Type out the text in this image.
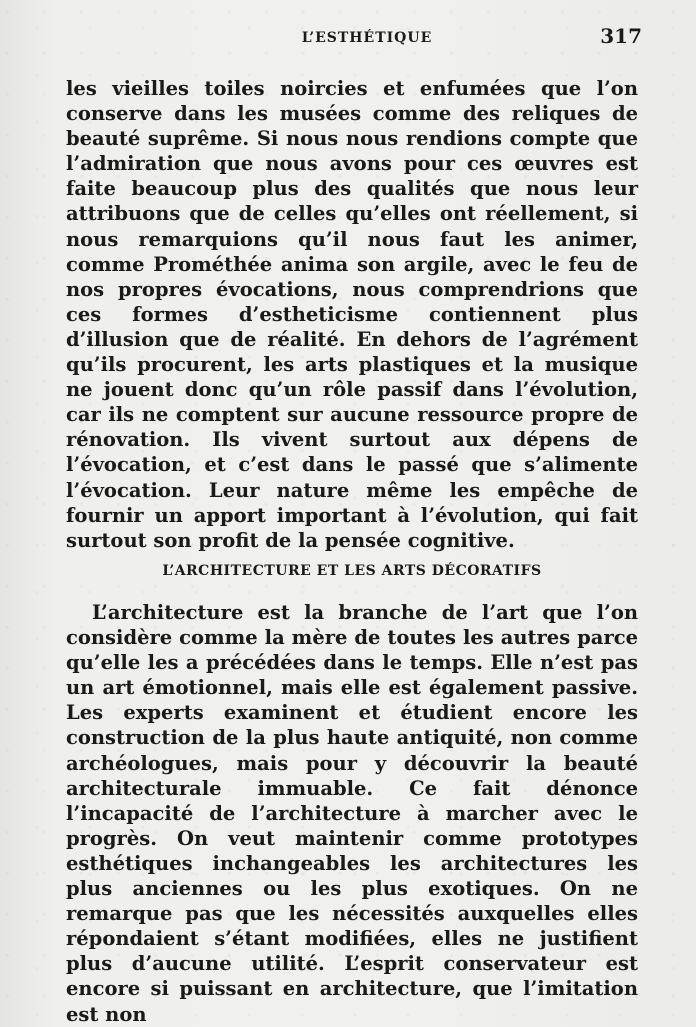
L’ESTHÉTIQUE	317

les vieilles toiles noircies et enfumées que l’on conserve dans les musées comme des reliques de beauté suprême. Si nous nous rendions compte que l’admiration que nous avons pour ces œuvres est faite beaucoup plus des qualités que nous leur attribuons que de celles qu’elles ont réellement, si nous remarquions qu’il nous faut les animer, comme Prométhée anima son argile, avec le feu de nos propres évocations, nous comprendrions que ces formes d’estheticisme contiennent plus d’illusion que de réalité. En dehors de l’agrément qu’ils procurent, les arts plastiques et la musique ne jouent donc qu’un rôle passif dans l’évolution, car ils ne comptent sur aucune ressource propre de rénovation. Ils vivent surtout aux dépens de l’évocation, et c’est dans le passé que s’alimente l’évocation. Leur nature même les empêche de fournir un apport important à l’évolution, qui fait surtout son profit de la pensée cognitive.

L’ARCHITECTURE ET LES ARTS DÉCORATIFS

L’architecture est la branche de l’art que l’on considère comme la mère de toutes les autres parce qu’elle les a précédées dans le temps. Elle n’est pas un art émotionnel, mais elle est également passive. Les experts examinent et étudient encore les construction de la plus haute antiquité, non comme archéologues, mais pour y découvrir la beauté architecturale immuable. Ce fait dénonce l’incapacité de l’architecture à marcher avec le progrès. On veut maintenir comme prototypes esthétiques inchangeables les architectures les plus anciennes ou les plus exotiques. On ne remarque pas que les nécessités auxquelles elles répondaient s’étant modifiées, elles ne justifient plus d’aucune utilité. L’esprit conservateur est encore si puissant en architecture, que l’imitation est non
